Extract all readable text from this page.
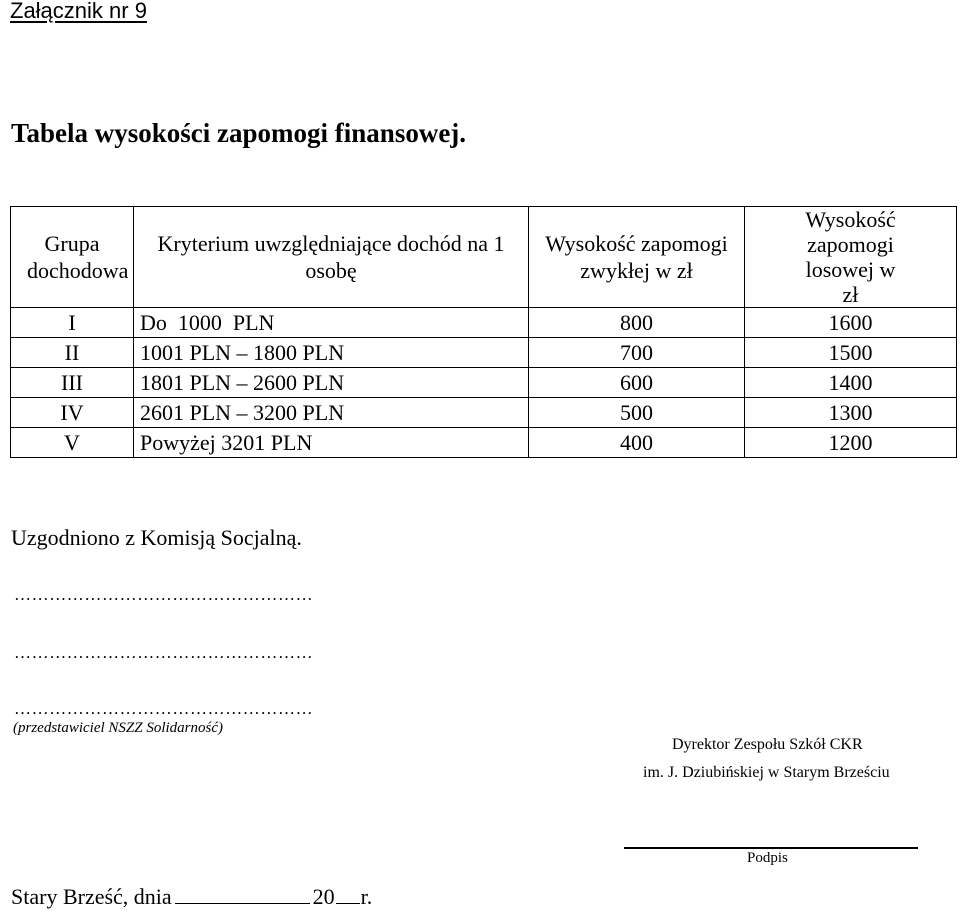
Załącznik nr 9
Tabela wysokości zapomogi finansowej.
Grupa dochodowa	Kryterium uwzględniające dochód na 1 osobę	Wysokość zapomogi zwykłej w zł	Wysokość zapomogi losowej w zł

I	Do  1000  PLN	800	1600
II	1001 PLN – 1800 PLN	700	1500
III	1801 PLN – 2600 PLN	600	1400
IV	2601 PLN – 3200 PLN	500	1300
V	Powyżej 3201 PLN	400	1200
Uzgodniono z Komisją Socjalną.
……………………………………………
……………………………………………
……………………………………………
(przedstawiciel NSZZ Solidarność)
Dyrektor Zespołu Szkół CKR
im. J. Dziubińskiej w Starym Brześciu
Podpis
Stary Brześć, dnia	20 r.
